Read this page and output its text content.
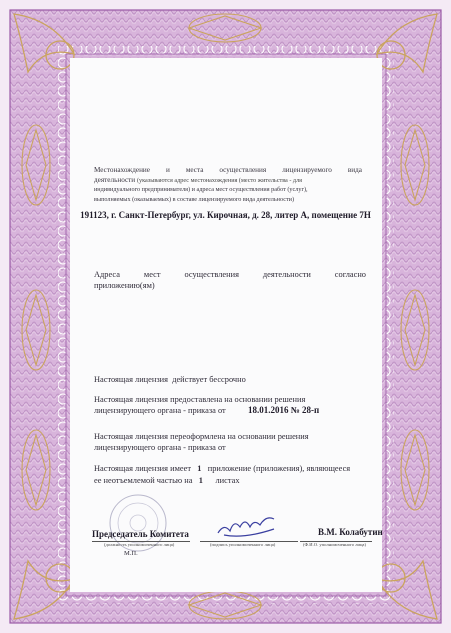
Местонахождение и места осуществления лицензируемого вида
деятельности (указываются адрес местонахождения (место жительства - для
индивидуального предпринимателя) и адреса мест осуществления работ (услуг),
выполняемых (оказываемых) в составе лицензируемого вида деятельности)
191123, г. Санкт-Петербург, ул. Кирочная, д. 28, литер А, помещение 7Н
Адреса мест осуществления деятельности согласно
приложению(ям)
Настоящая лицензия действует бессрочно
Настоящая лицензия предоставлена на основании решения
лицензирующего органа - приказа от 18.01.2016 № 28-п
Настоящая лицензия переоформлена на основании решения
лицензирующего органа - приказа от
Настоящая лицензия имеет 1 приложение (приложения), являющееся
ее неотъемлемой частью на 1 листах
Председатель Комитета
(должность уполномоченного лица)	(подпись уполномоченного лица)
В.М. Колабутин
(Ф.И.О. уполномоченного лица)
М.П.
